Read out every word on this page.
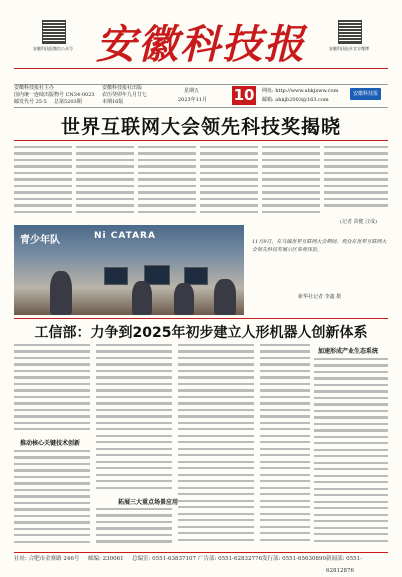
安徽科技报微信公众号	安徽科技报社官方微博
安徽科技报
安徽科技报社主办
国内统一连续出版物号 CN34-0023
邮发代号 25-5 总第5203期
安徽科技报社出版
农历癸卯年九月廿七
本期16版
星期五
2023年11月 10	网址: http://www.ahkjxww.com
邮箱: ahkjb2003@163.com
安徽科技报
世界互联网大会领先科技奖揭晓
(记者 苗健 汪成)
青少年队	Ni CATARA
11月9日，在乌镇世界互联网大会期间，观众在世界互联网大会领先科技奖展示区参观体验。
新华社记者 李鑫 摄
工信部：力争到2025年初步建立人形机器人创新体系
推动核心关键技术创新
拓展三大重点场景应用
加速形成产业生态系统
社址: 合肥市金寨路 246号 邮编: 230061 总编室: 0551-63837107 广告部: 0551-62832776 发行部: 0551-65630890 新闻部: 0551-62812876
